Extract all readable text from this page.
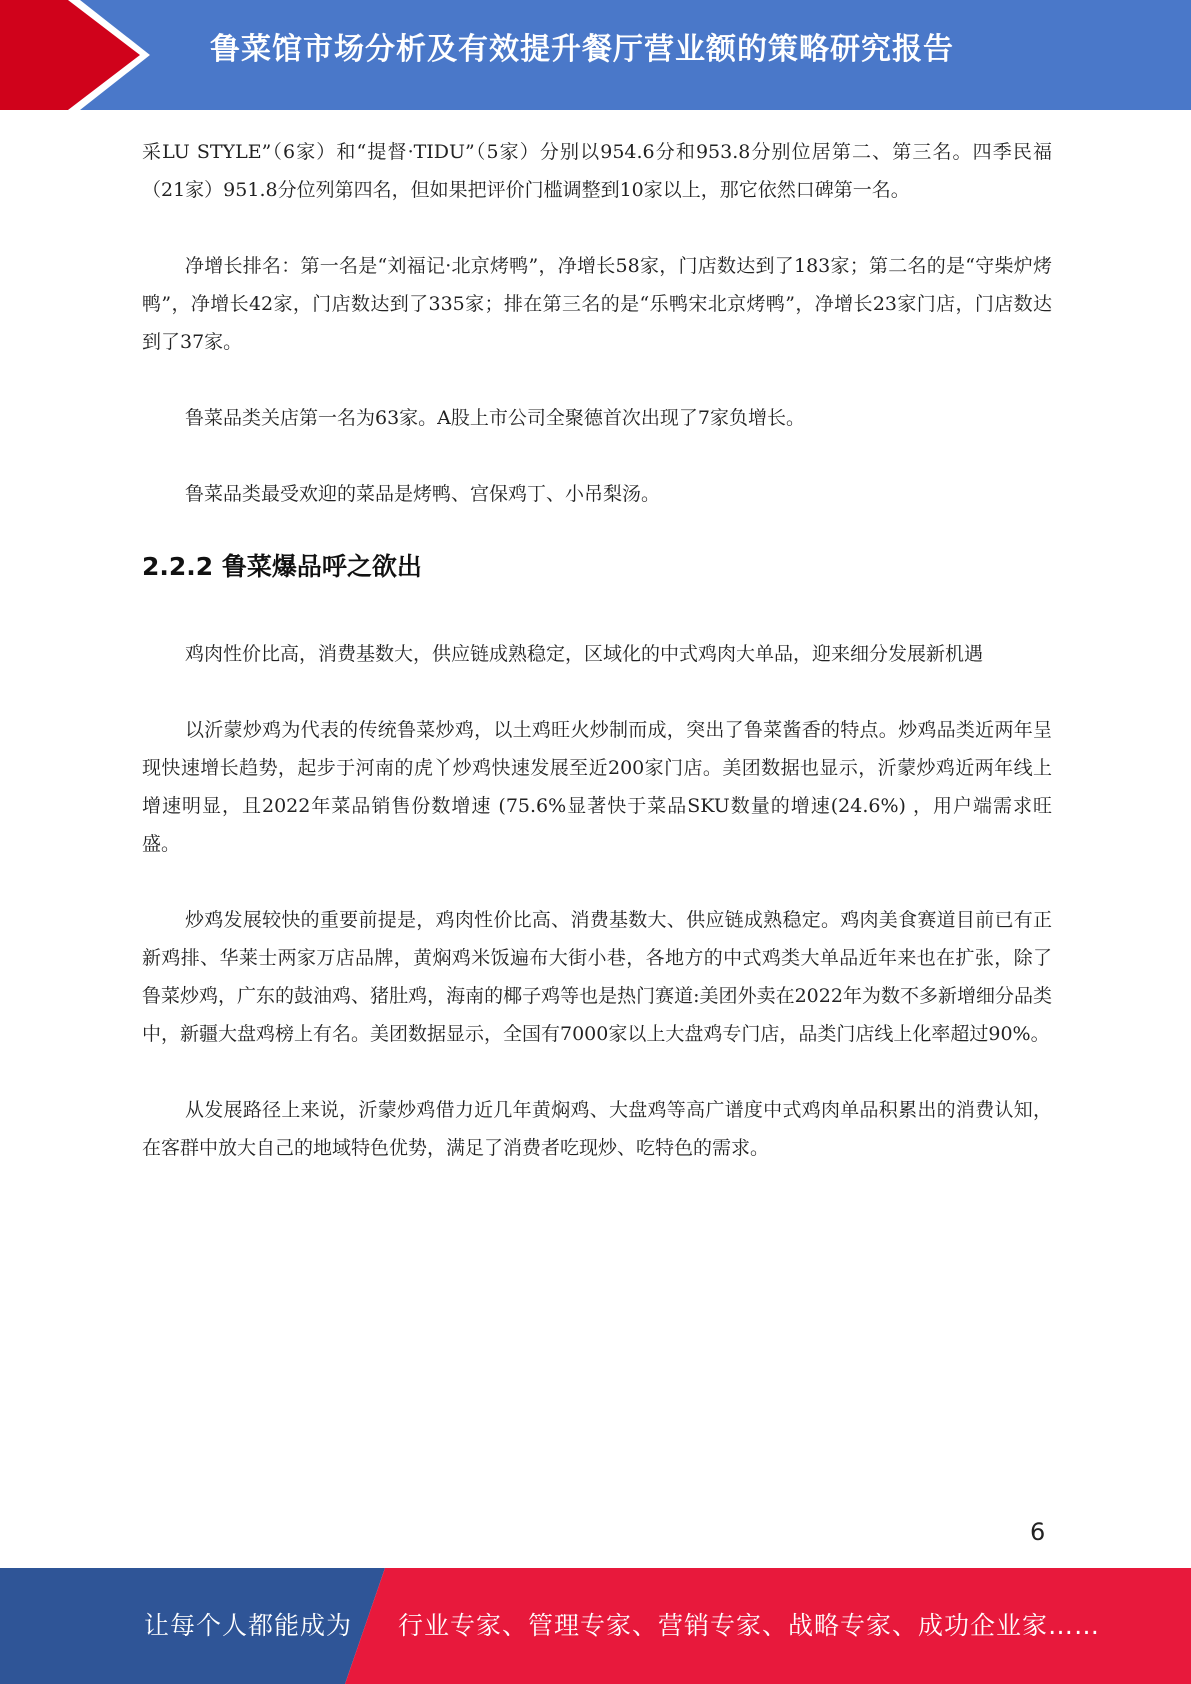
鲁菜馆市场分析及有效提升餐厅营业额的策略研究报告

采LU STYLE”（6家）和“提督·TIDU”（5家）分别以954.6分和953.8分别位居第二、第三名。四季民福（21家）951.8分位列第四名，但如果把评价门槛调整到10家以上，那它依然口碑第一名。

净增长排名：第一名是“刘福记·北京烤鸭”，净增长58家，门店数达到了183家；第二名的是“守柴炉烤鸭”，净增长42家，门店数达到了335家；排在第三名的是“乐鸭宋北京烤鸭”，净增长23家门店，门店数达到了37家。

鲁菜品类关店第一名为63家。A股上市公司全聚德首次出现了7家负增长。

鲁菜品类最受欢迎的菜品是烤鸭、宫保鸡丁、小吊梨汤。

2.2.2 鲁菜爆品呼之欲出

鸡肉性价比高，消费基数大，供应链成熟稳定，区域化的中式鸡肉大单品，迎来细分发展新机遇

以沂蒙炒鸡为代表的传统鲁菜炒鸡，以土鸡旺火炒制而成，突出了鲁菜酱香的特点。炒鸡品类近两年呈现快速增长趋势，起步于河南的虎丫炒鸡快速发展至近200家门店。美团数据也显示，沂蒙炒鸡近两年线上增速明显，且2022年菜品销售份数增速 (75.6%显著快于菜品SKU数量的增速(24.6%) ，用户端需求旺盛。

炒鸡发展较快的重要前提是，鸡肉性价比高、消费基数大、供应链成熟稳定。鸡肉美食赛道目前已有正新鸡排、华莱士两家万店品牌，黄焖鸡米饭遍布大街小巷，各地方的中式鸡类大单品近年来也在扩张，除了鲁菜炒鸡，广东的鼓油鸡、猪肚鸡，海南的椰子鸡等也是热门赛道:美团外卖在2022年为数不多新增细分品类中，新疆大盘鸡榜上有名。美团数据显示，全国有7000家以上大盘鸡专门店，品类门店线上化率超过90%。

从发展路径上来说，沂蒙炒鸡借力近几年黄焖鸡、大盘鸡等高广谱度中式鸡肉单品积累出的消费认知，在客群中放大自己的地域特色优势，满足了消费者吃现炒、吃特色的需求。

6
让每个人都能成为 行业专家、管理专家、营销专家、战略专家、成功企业家……
